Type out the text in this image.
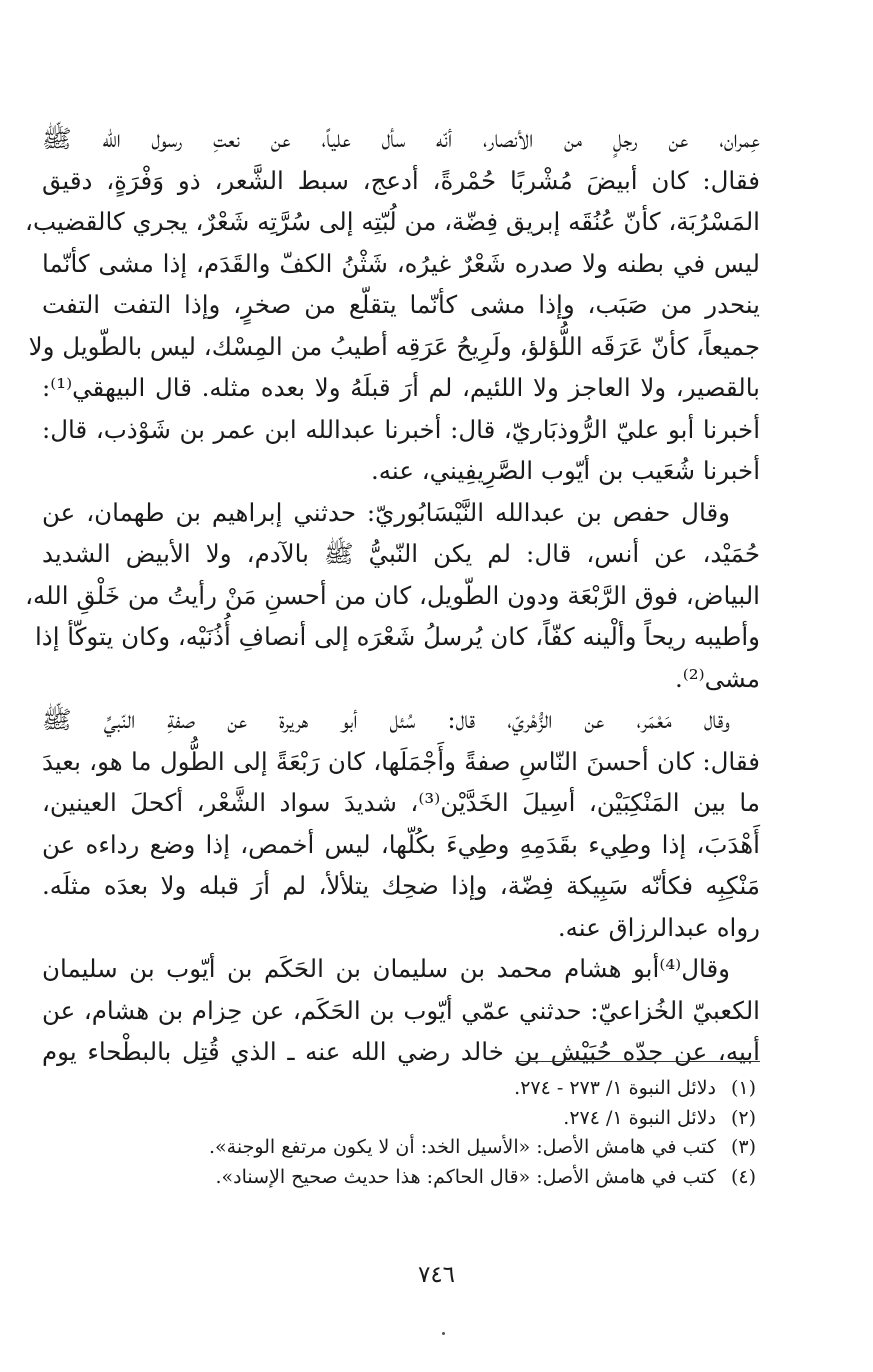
عِمران، عن رجلٍ من الأنصار، أنّه سأل علياً، عن نعتِ رسول الله ﷺ
فقال: كان أبيضَ مُشْربًا حُمْرةً، أدعج، سبط الشَّعر، ذو وَفْرَةٍ، دقيق
المَسْرُبَة، كأنّ عُنُقَه إبريق فِضّة، من لُبّتِه إلى سُرَّتِه شَعْرٌ، يجري كالقضيب،
ليس في بطنه ولا صدره شَعْرٌ غيرُه، شَثْنُ الكفّ والقَدَم، إذا مشى كأنّما
ينحدر من صَبَب، وإذا مشى كأنّما يتقلّع من صخرٍ، وإذا التفت التفت
جميعاً، كأنّ عَرَقَه اللُّؤلؤ، ولَرِيحُ عَرَقِه أطيبُ من المِسْك، ليس بالطّويل ولا
بالقصير، ولا العاجز ولا اللئيم، لم أرَ قبلَهُ ولا بعده مثله. قال البيهقي⁽¹⁾:
أخبرنا أبو عليّ الرُّوذبَاريّ، قال: أخبرنا عبدالله ابن عمر بن شَوْذب، قال:
أخبرنا شُعَيب بن أيّوب الصَّرِيفِيني، عنه.

وقال حفص بن عبدالله النَّيْسَابُوريّ: حدثني إبراهيم بن طهمان، عن
حُمَيْد، عن أنس، قال: لم يكن النّبيُّ ﷺ بالآدم، ولا الأبيض الشديد
البياض، فوق الرَّبْعَة ودون الطّويل، كان من أحسنِ مَنْ رأيتُ من خَلْقِ الله،
وأطيبه ريحاً وألْينه كفّاً، كان يُرسلُ شَعْرَه إلى أنصافِ أُذُنَيْه، وكان يتوكّأ إذا
مشى⁽²⁾.

وقال مَعْمَر، عن الزُّهْريّ، قال: سُئل أبو هريرة عن صفةِ النّبيِّ ﷺ
فقال: كان أحسنَ النّاسِ صفةً وأَجْمَلَها، كان رَبْعَةً إلى الطُّول ما هو، بعيدَ
ما بين المَنْكِبَيْن، أسِيلَ الخَدَّيْن⁽³⁾، شديدَ سواد الشَّعْر، أكحلَ العينين،
أَهْدَبَ، إذا وطِيء بقَدَمِهِ وطِيءَ بكُلّها، ليس أخمص، إذا وضع رداءه عن
مَنْكِبِه فكأنّه سَبِيكة فِضّة، وإذا ضحِك يتلألأ، لم أرَ قبله ولا بعدَه مثلَه.
رواه عبدالرزاق عنه.

وقال⁽⁴⁾أبو هشام محمد بن سليمان بن الحَكَم بن أيّوب بن سليمان
الكعبيّ الخُزاعيّ: حدثني عمّي أيّوب بن الحَكَم، عن حِزام بن هشام، عن
أبيه، عن جدّه حُبَيْش بن خالد رضي الله عنه ـ الذي قُتِل بالبطْحاء يوم

(١)دلائل النبوة ١/ ٢٧٣ - ٢٧٤.
(٢)دلائل النبوة ١/ ٢٧٤.
(٣)كتب في هامش الأصل: «الأسيل الخد: أن لا يكون مرتفع الوجنة».
(٤)كتب في هامش الأصل: «قال الحاكم: هذا حديث صحيح الإسناد».
٧٤٦
